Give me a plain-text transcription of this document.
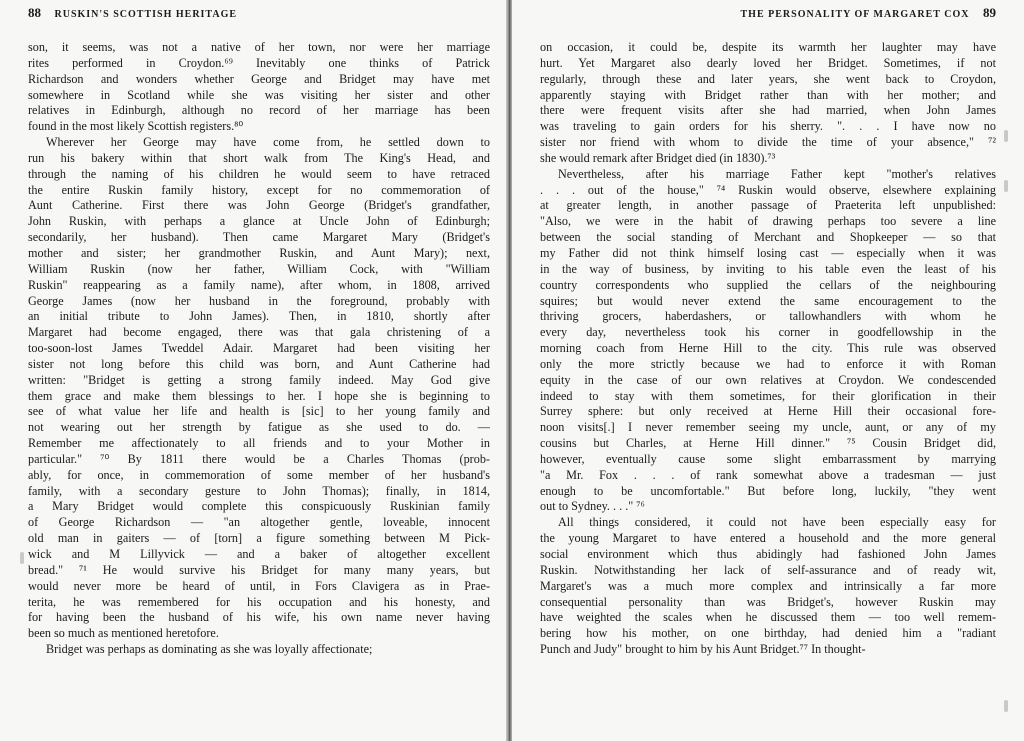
88 RUSKIN'S SCOTTISH HERITAGE
son, it seems, was not a native of her town, nor were her marriage
rites performed in Croydon.⁶⁹ Inevitably one thinks of Patrick
Richardson and wonders whether George and Bridget may have met
somewhere in Scotland while she was visiting her sister and other
relatives in Edinburgh, although no record of her marriage has been
found in the most likely Scottish registers.⁸⁰
Wherever her George may have come from, he settled down to
run his bakery within that short walk from The King's Head, and
through the naming of his children he would seem to have retraced
the entire Ruskin family history, except for no commemoration of
Aunt Catherine. First there was John George (Bridget's grandfather,
John Ruskin, with perhaps a glance at Uncle John of Edinburgh;
secondarily, her husband). Then came Margaret Mary (Bridget's
mother and sister; her grandmother Ruskin, and Aunt Mary); next,
William Ruskin (now her father, William Cock, with "William
Ruskin" reappearing as a family name), after whom, in 1808, arrived
George James (now her husband in the foreground, probably with
an initial tribute to John James). Then, in 1810, shortly after
Margaret had become engaged, there was that gala christening of a
too-soon-lost James Tweddel Adair. Margaret had been visiting her
sister not long before this child was born, and Aunt Catherine had
written: "Bridget is getting a strong family indeed. May God give
them grace and make them blessings to her. I hope she is beginning to
see of what value her life and health is [sic] to her young family and
not wearing out her strength by fatigue as she used to do. —
Remember me affectionately to all friends and to your Mother in
particular." ⁷⁰ By 1811 there would be a Charles Thomas (prob-
ably, for once, in commemoration of some member of her husband's
family, with a secondary gesture to John Thomas); finally, in 1814,
a Mary Bridget would complete this conspicuously Ruskinian family
of George Richardson — "an altogether gentle, loveable, innocent
old man in gaiters — of [torn] a figure something between M Pick-
wick and M Lillyvick — and a baker of altogether excellent
bread." ⁷¹ He would survive his Bridget for many many years, but
would never more be heard of until, in Fors Clavigera as in Prae-
terita, he was remembered for his occupation and his honesty, and
for having been the husband of his wife, his own name never having
been so much as mentioned heretofore.
Bridget was perhaps as dominating as she was loyally affectionate;
THE PERSONALITY OF MARGARET COX 89
on occasion, it could be, despite its warmth her laughter may have
hurt. Yet Margaret also dearly loved her Bridget. Sometimes, if not
regularly, through these and later years, she went back to Croydon,
apparently staying with Bridget rather than with her mother; and
there were frequent visits after she had married, when John James
was traveling to gain orders for his sherry. ". . . I have now no
sister nor friend with whom to divide the time of your absence," ⁷²
she would remark after Bridget died (in 1830).⁷³
Nevertheless, after his marriage Father kept "mother's relatives
. . . out of the house," ⁷⁴ Ruskin would observe, elsewhere explaining
at greater length, in another passage of Praeterita left unpublished:
"Also, we were in the habit of drawing perhaps too severe a line
between the social standing of Merchant and Shopkeeper — so that
my Father did not think himself losing cast — especially when it was
in the way of business, by inviting to his table even the least of his
country correspondents who supplied the cellars of the neighbouring
squires; but would never extend the same encouragement to the
thriving grocers, haberdashers, or tallowhandlers with whom he
every day, nevertheless took his corner in goodfellowship in the
morning coach from Herne Hill to the city. This rule was observed
only the more strictly because we had to enforce it with Roman
equity in the case of our own relatives at Croydon. We condescended
indeed to stay with them sometimes, for their glorification in their
Surrey sphere: but only received at Herne Hill their occasional fore-
noon visits[.] I never remember seeing my uncle, aunt, or any of my
cousins but Charles, at Herne Hill dinner." ⁷⁵ Cousin Bridget did,
however, eventually cause some slight embarrassment by marrying
"a Mr. Fox . . . of rank somewhat above a tradesman — just
enough to be uncomfortable." But before long, luckily, "they went
out to Sydney. . . ." ⁷⁶
All things considered, it could not have been especially easy for
the young Margaret to have entered a household and the more general
social environment which thus abidingly had fashioned John James
Ruskin. Notwithstanding her lack of self-assurance and of ready wit,
Margaret's was a much more complex and intrinsically a far more
consequential personality than was Bridget's, however Ruskin may
have weighted the scales when he discussed them — too well remem-
bering how his mother, on one birthday, had denied him a "radiant
Punch and Judy" brought to him by his Aunt Bridget.⁷⁷ In thought-
